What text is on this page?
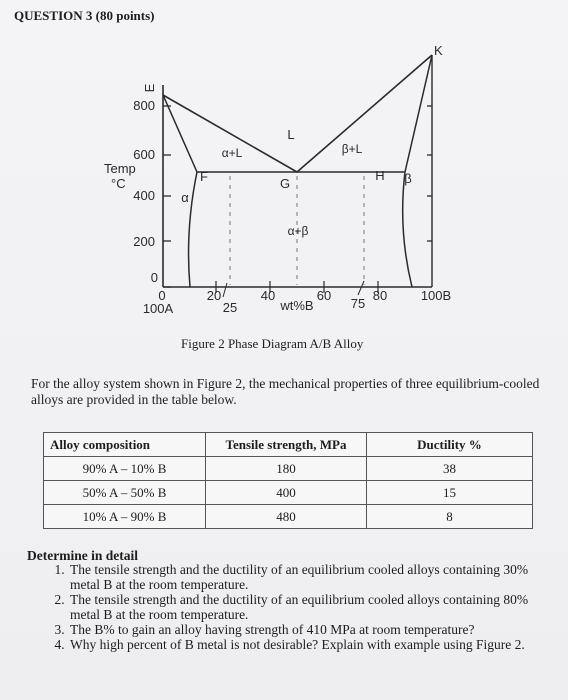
QUESTION 3 (80 points)
800
600
400
200
0
Temp
°C
0
100A
20
25
40	60
wt%B	75
80	100B
E
F	G
H
K
L
α+L	β+L
α
β
α+β
Figure 2 Phase Diagram A/B Alloy
For the alloy system shown in Figure 2, the mechanical properties of three equilibrium-cooled alloys are provided in the table below.
Alloy composition	Tensile strength, MPa	Ductility %
90% A – 10% B	180	38
50% A – 50% B	400	15
10% A – 90% B	480	8
Determine in detail
1. The tensile strength and the ductility of an equilibrium cooled alloys containing 30% metal B at the room temperature.
2. The tensile strength and the ductility of an equilibrium cooled alloys containing 80% metal B at the room temperature.
3. The B% to gain an alloy having strength of 410 MPa at room temperature?
4. Why high percent of B metal is not desirable? Explain with example using Figure 2.
